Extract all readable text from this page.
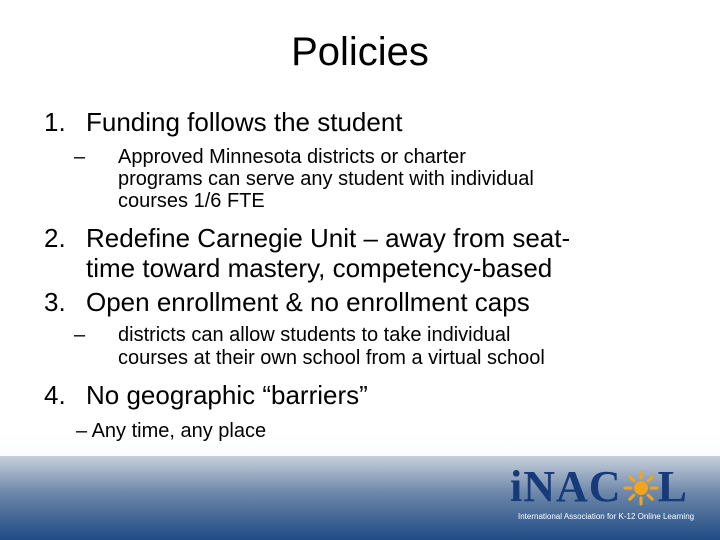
Policies
1. Funding follows the student
– Approved Minnesota districts or charter
programs can serve any student with individual
courses 1/6 FTE
2. Redefine Carnegie Unit – away from seat-
time toward mastery, competency-based
3. Open enrollment & no enrollment caps
– districts can allow students to take individual
courses at their own school from a virtual school
4. No geographic “barriers”
– Any time, any place
iNAC L
International Association for K-12 Online Learning
